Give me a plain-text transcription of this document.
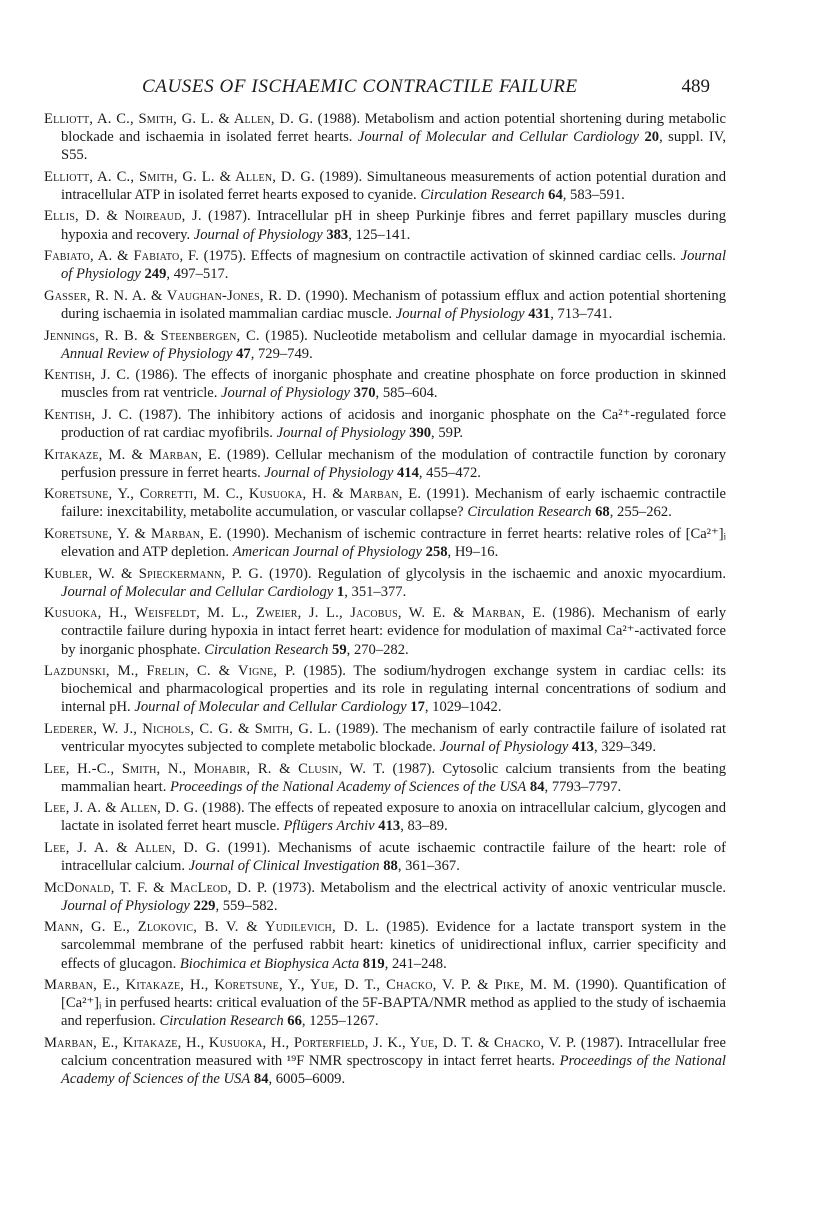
CAUSES OF ISCHAEMIC CONTRACTILE FAILURE	489
Elliott, A. C., Smith, G. L. & Allen, D. G. (1988). Metabolism and action potential shortening during metabolic blockade and ischaemia in isolated ferret hearts. Journal of Molecular and Cellular Cardiology 20, suppl. IV, S55.
Elliott, A. C., Smith, G. L. & Allen, D. G. (1989). Simultaneous measurements of action potential duration and intracellular ATP in isolated ferret hearts exposed to cyanide. Circulation Research 64, 583–591.
Ellis, D. & Noireaud, J. (1987). Intracellular pH in sheep Purkinje fibres and ferret papillary muscles during hypoxia and recovery. Journal of Physiology 383, 125–141.
Fabiato, A. & Fabiato, F. (1975). Effects of magnesium on contractile activation of skinned cardiac cells. Journal of Physiology 249, 497–517.
Gasser, R. N. A. & Vaughan-Jones, R. D. (1990). Mechanism of potassium efflux and action potential shortening during ischaemia in isolated mammalian cardiac muscle. Journal of Physiology 431, 713–741.
Jennings, R. B. & Steenbergen, C. (1985). Nucleotide metabolism and cellular damage in myocardial ischemia. Annual Review of Physiology 47, 729–749.
Kentish, J. C. (1986). The effects of inorganic phosphate and creatine phosphate on force production in skinned muscles from rat ventricle. Journal of Physiology 370, 585–604.
Kentish, J. C. (1987). The inhibitory actions of acidosis and inorganic phosphate on the Ca²⁺-regulated force production of rat cardiac myofibrils. Journal of Physiology 390, 59P.
Kitakaze, M. & Marban, E. (1989). Cellular mechanism of the modulation of contractile function by coronary perfusion pressure in ferret hearts. Journal of Physiology 414, 455–472.
Koretsune, Y., Corretti, M. C., Kusuoka, H. & Marban, E. (1991). Mechanism of early ischaemic contractile failure: inexcitability, metabolite accumulation, or vascular collapse? Circulation Research 68, 255–262.
Koretsune, Y. & Marban, E. (1990). Mechanism of ischemic contracture in ferret hearts: relative roles of [Ca²⁺]ᵢ elevation and ATP depletion. American Journal of Physiology 258, H9–16.
Kubler, W. & Spieckermann, P. G. (1970). Regulation of glycolysis in the ischaemic and anoxic myocardium. Journal of Molecular and Cellular Cardiology 1, 351–377.
Kusuoka, H., Weisfeldt, M. L., Zweier, J. L., Jacobus, W. E. & Marban, E. (1986). Mechanism of early contractile failure during hypoxia in intact ferret heart: evidence for modulation of maximal Ca²⁺-activated force by inorganic phosphate. Circulation Research 59, 270–282.
Lazdunski, M., Frelin, C. & Vigne, P. (1985). The sodium/hydrogen exchange system in cardiac cells: its biochemical and pharmacological properties and its role in regulating internal concentrations of sodium and internal pH. Journal of Molecular and Cellular Cardiology 17, 1029–1042.
Lederer, W. J., Nichols, C. G. & Smith, G. L. (1989). The mechanism of early contractile failure of isolated rat ventricular myocytes subjected to complete metabolic blockade. Journal of Physiology 413, 329–349.
Lee, H.-C., Smith, N., Mohabir, R. & Clusin, W. T. (1987). Cytosolic calcium transients from the beating mammalian heart. Proceedings of the National Academy of Sciences of the USA 84, 7793–7797.
Lee, J. A. & Allen, D. G. (1988). The effects of repeated exposure to anoxia on intracellular calcium, glycogen and lactate in isolated ferret heart muscle. Pflügers Archiv 413, 83–89.
Lee, J. A. & Allen, D. G. (1991). Mechanisms of acute ischaemic contractile failure of the heart: role of intracellular calcium. Journal of Clinical Investigation 88, 361–367.
McDonald, T. F. & MacLeod, D. P. (1973). Metabolism and the electrical activity of anoxic ventricular muscle. Journal of Physiology 229, 559–582.
Mann, G. E., Zlokovic, B. V. & Yudilevich, D. L. (1985). Evidence for a lactate transport system in the sarcolemmal membrane of the perfused rabbit heart: kinetics of unidirectional influx, carrier specificity and effects of glucagon. Biochimica et Biophysica Acta 819, 241–248.
Marban, E., Kitakaze, H., Koretsune, Y., Yue, D. T., Chacko, V. P. & Pike, M. M. (1990). Quantification of [Ca²⁺]ᵢ in perfused hearts: critical evaluation of the 5F-BAPTA/NMR method as applied to the study of ischaemia and reperfusion. Circulation Research 66, 1255–1267.
Marban, E., Kitakaze, H., Kusuoka, H., Porterfield, J. K., Yue, D. T. & Chacko, V. P. (1987). Intracellular free calcium concentration measured with ¹⁹F NMR spectroscopy in intact ferret hearts. Proceedings of the National Academy of Sciences of the USA 84, 6005–6009.
